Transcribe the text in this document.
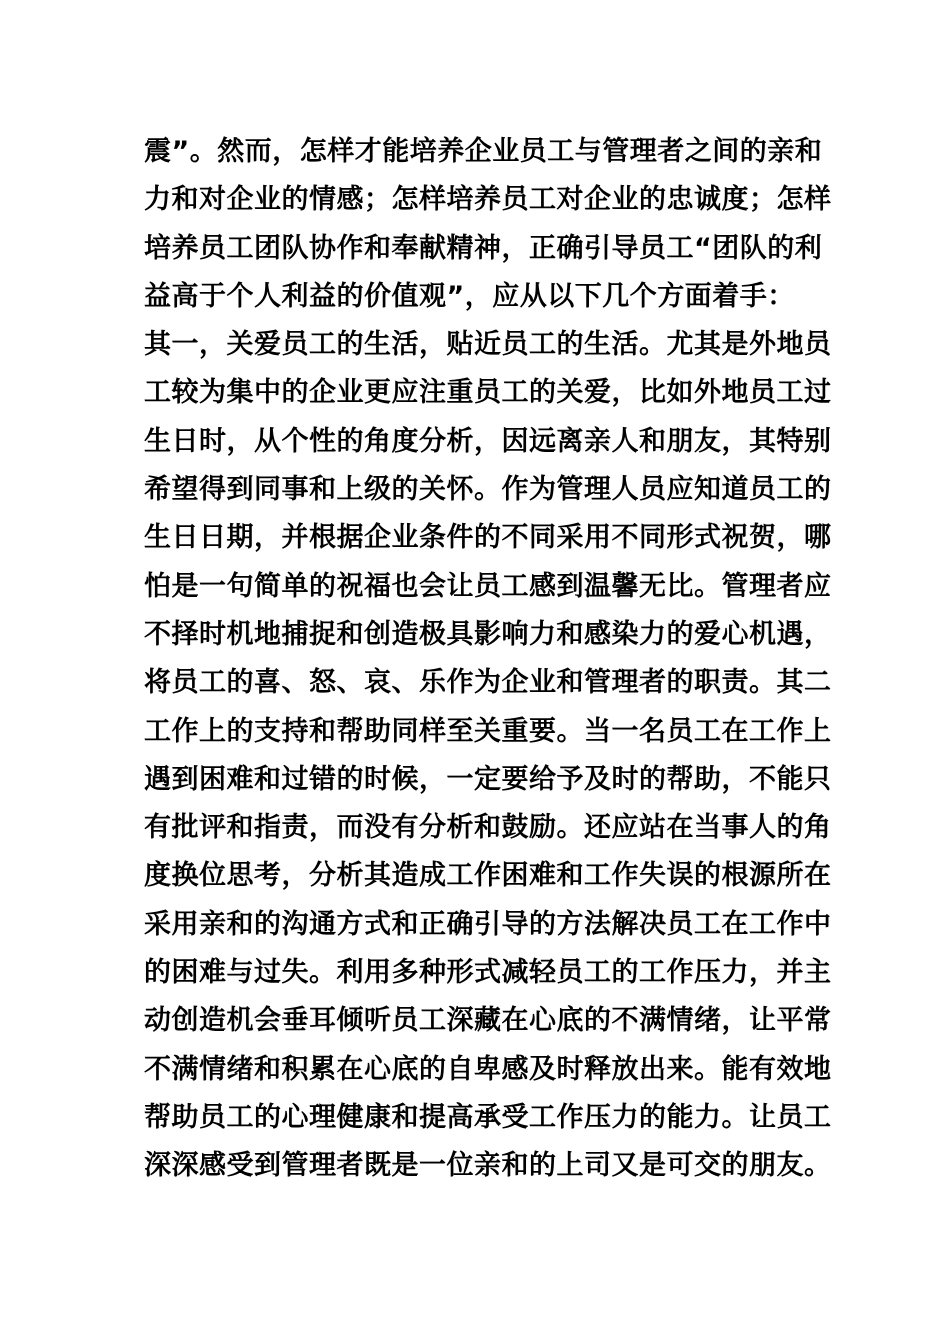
震”。然而，怎样才能培养企业员工与管理者之间的亲和
力和对企业的情感；怎样培养员工对企业的忠诚度；怎样
培养员工团队协作和奉献精神，正确引导员工“团队的利
益高于个人利益的价值观”，应从以下几个方面着手：
其一，关爱员工的生活，贴近员工的生活。尤其是外地员
工较为集中的企业更应注重员工的关爱，比如外地员工过
生日时，从个性的角度分析，因远离亲人和朋友，其特别
希望得到同事和上级的关怀。作为管理人员应知道员工的
生日日期，并根据企业条件的不同采用不同形式祝贺，哪
怕是一句简单的祝福也会让员工感到温馨无比。管理者应
不择时机地捕捉和创造极具影响力和感染力的爱心机遇，
将员工的喜、怒、哀、乐作为企业和管理者的职责。其二
工作上的支持和帮助同样至关重要。当一名员工在工作上
遇到困难和过错的时候，一定要给予及时的帮助，不能只
有批评和指责，而没有分析和鼓励。还应站在当事人的角
度换位思考，分析其造成工作困难和工作失误的根源所在
采用亲和的沟通方式和正确引导的方法解决员工在工作中
的困难与过失。利用多种形式减轻员工的工作压力，并主
动创造机会垂耳倾听员工深藏在心底的不满情绪，让平常
不满情绪和积累在心底的自卑感及时释放出来。能有效地
帮助员工的心理健康和提高承受工作压力的能力。让员工
深深感受到管理者既是一位亲和的上司又是可交的朋友。
